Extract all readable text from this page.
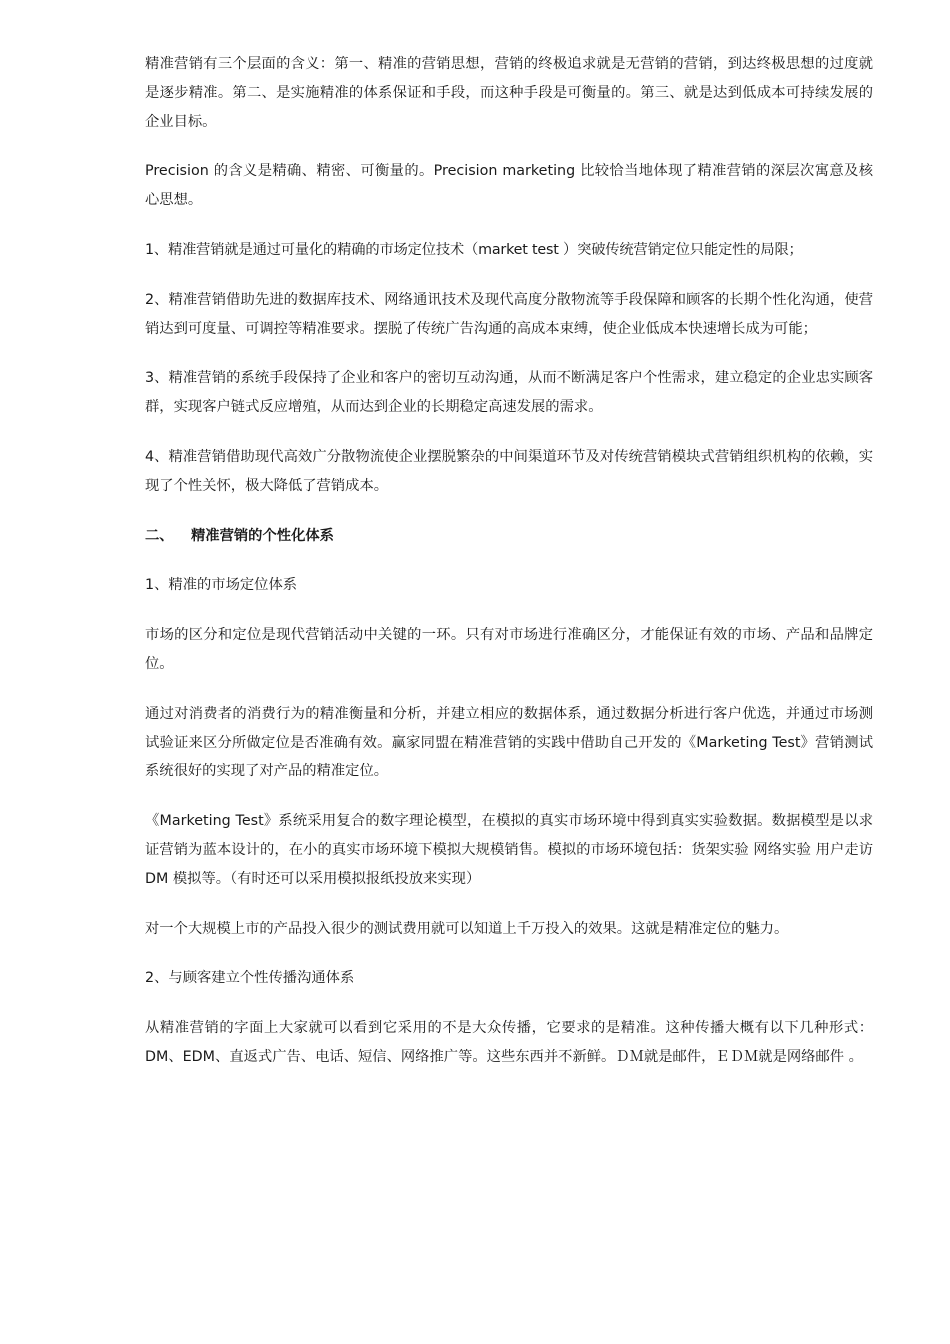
精准营销有三个层面的含义：第一、精准的营销思想，营销的终极追求就是无营销的营销，到达终极思想的过度就是逐步精准。第二、是实施精准的体系保证和手段，而这种手段是可衡量的。第三、就是达到低成本可持续发展的企业目标。

Precision 的含义是精确、精密、可衡量的。Precision marketing 比较恰当地体现了精准营销的深层次寓意及核心思想。

1、精准营销就是通过可量化的精确的市场定位技术（market test ）突破传统营销定位只能定性的局限；

2、精准营销借助先进的数据库技术、网络通讯技术及现代高度分散物流等手段保障和顾客的长期个性化沟通，使营销达到可度量、可调控等精准要求。摆脱了传统广告沟通的高成本束缚，使企业低成本快速增长成为可能；

3、精准营销的系统手段保持了企业和客户的密切互动沟通，从而不断满足客户个性需求，建立稳定的企业忠实顾客群，实现客户链式反应增殖，从而达到企业的长期稳定高速发展的需求。

4、精准营销借助现代高效广分散物流使企业摆脱繁杂的中间渠道环节及对传统营销模块式营销组织机构的依赖，实现了个性关怀，极大降低了营销成本。

二、 精准营销的个性化体系

1、精准的市场定位体系

市场的区分和定位是现代营销活动中关键的一环。只有对市场进行准确区分，才能保证有效的市场、产品和品牌定位。

通过对消费者的消费行为的精准衡量和分析，并建立相应的数据体系，通过数据分析进行客户优选，并通过市场测试验证来区分所做定位是否准确有效。赢家同盟在精准营销的实践中借助自己开发的《Marketing Test》营销测试系统很好的实现了对产品的精准定位。

《Marketing Test》系统采用复合的数字理论模型，在模拟的真实市场环境中得到真实实验数据。数据模型是以求证营销为蓝本设计的，在小的真实市场环境下模拟大规模销售。模拟的市场环境包括：货架实验 网络实验 用户走访 DM 模拟等。（有时还可以采用模拟报纸投放来实现）

对一个大规模上市的产品投入很少的测试费用就可以知道上千万投入的效果。这就是精准定位的魅力。

2、与顾客建立个性传播沟通体系

从精准营销的字面上大家就可以看到它采用的不是大众传播，它要求的是精准。这种传播大概有以下几种形式：DM、EDM、直返式广告、电话、短信、网络推广等。这些东西并不新鲜。ＤＭ就是邮件，ＥＤＭ就是网络邮件 。
